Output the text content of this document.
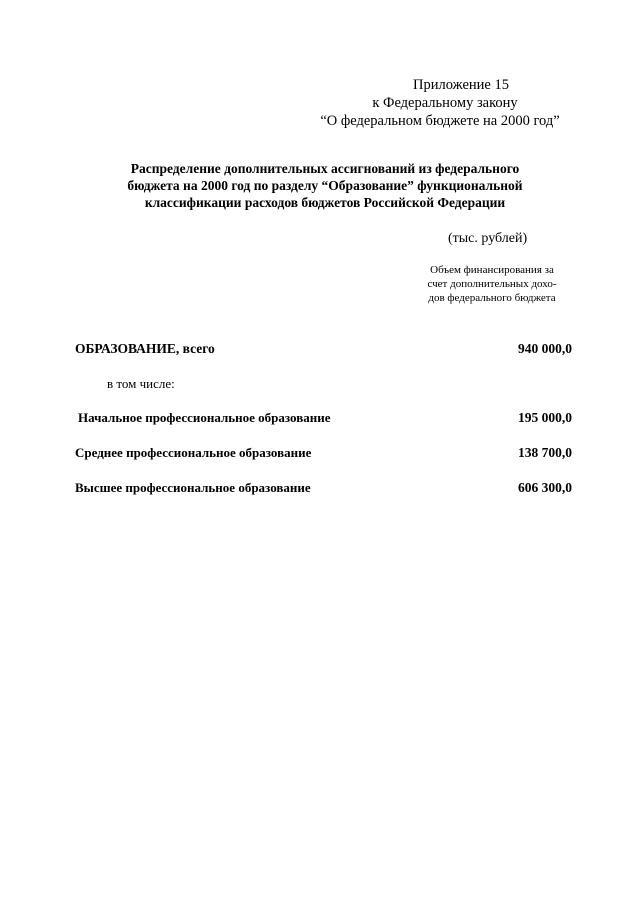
Приложение 15
к Федеральному закону
“О федеральном бюджете на 2000 год”
Распределение дополнительных ассигнований из федерального
бюджета на 2000 год по разделу “Образование” функциональной
классификации расходов бюджетов Российской Федерации
(тыс. рублей)
Объем финансирования за
счет дополнительных дохо-
дов федерального бюджета
ОБРАЗОВАНИЕ, всего	940 000,0
в том числе:
Начальное профессиональное образование	195 000,0
Среднее профессиональное образование	138 700,0
Высшее профессиональное образование	606 300,0
